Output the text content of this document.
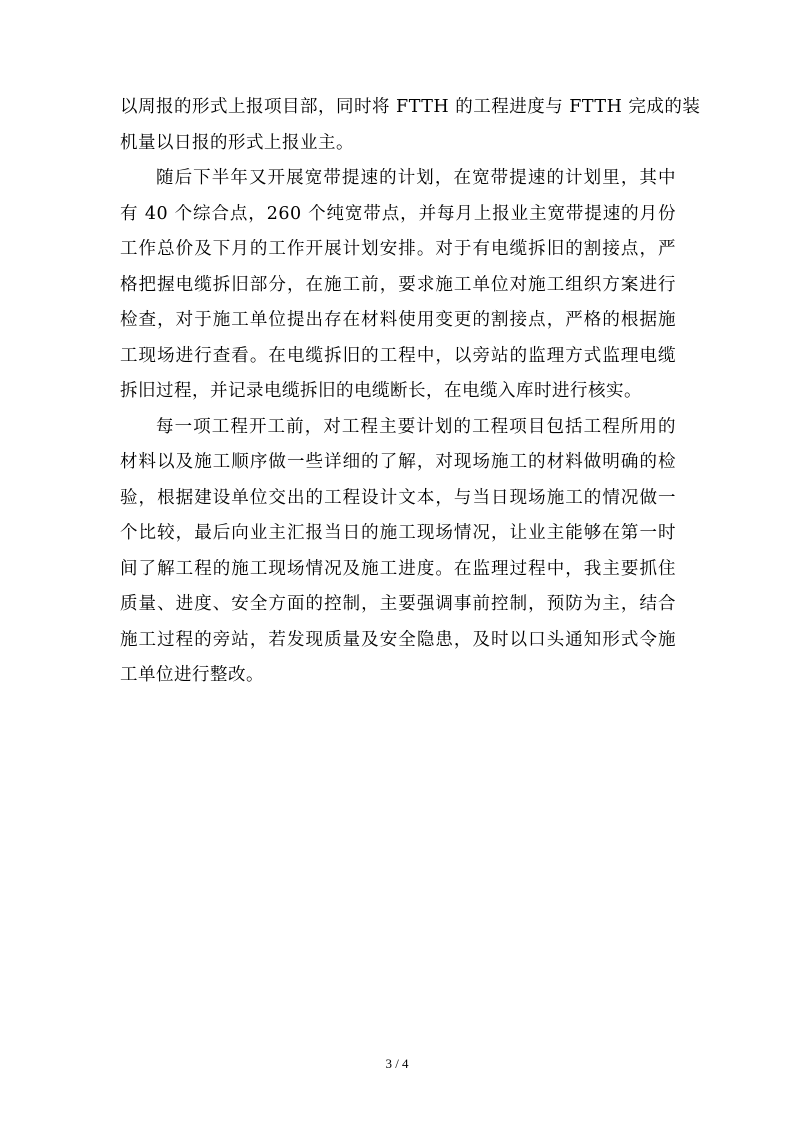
以周报的形式上报项目部，同时将 FTTH 的工程进度与 FTTH 完成的装
机量以日报的形式上报业主。
随后下半年又开展宽带提速的计划，在宽带提速的计划里，其中
有 40 个综合点，260 个纯宽带点，并每月上报业主宽带提速的月份
工作总价及下月的工作开展计划安排。对于有电缆拆旧的割接点，严
格把握电缆拆旧部分，在施工前，要求施工单位对施工组织方案进行
检查，对于施工单位提出存在材料使用变更的割接点，严格的根据施
工现场进行查看。在电缆拆旧的工程中，以旁站的监理方式监理电缆
拆旧过程，并记录电缆拆旧的电缆断长，在电缆入库时进行核实。
每一项工程开工前，对工程主要计划的工程项目包括工程所用的
材料以及施工顺序做一些详细的了解，对现场施工的材料做明确的检
验，根据建设单位交出的工程设计文本，与当日现场施工的情况做一
个比较，最后向业主汇报当日的施工现场情况，让业主能够在第一时
间了解工程的施工现场情况及施工进度。在监理过程中，我主要抓住
质量、进度、安全方面的控制，主要强调事前控制，预防为主，结合
施工过程的旁站，若发现质量及安全隐患，及时以口头通知形式令施
工单位进行整改。
3 / 4
